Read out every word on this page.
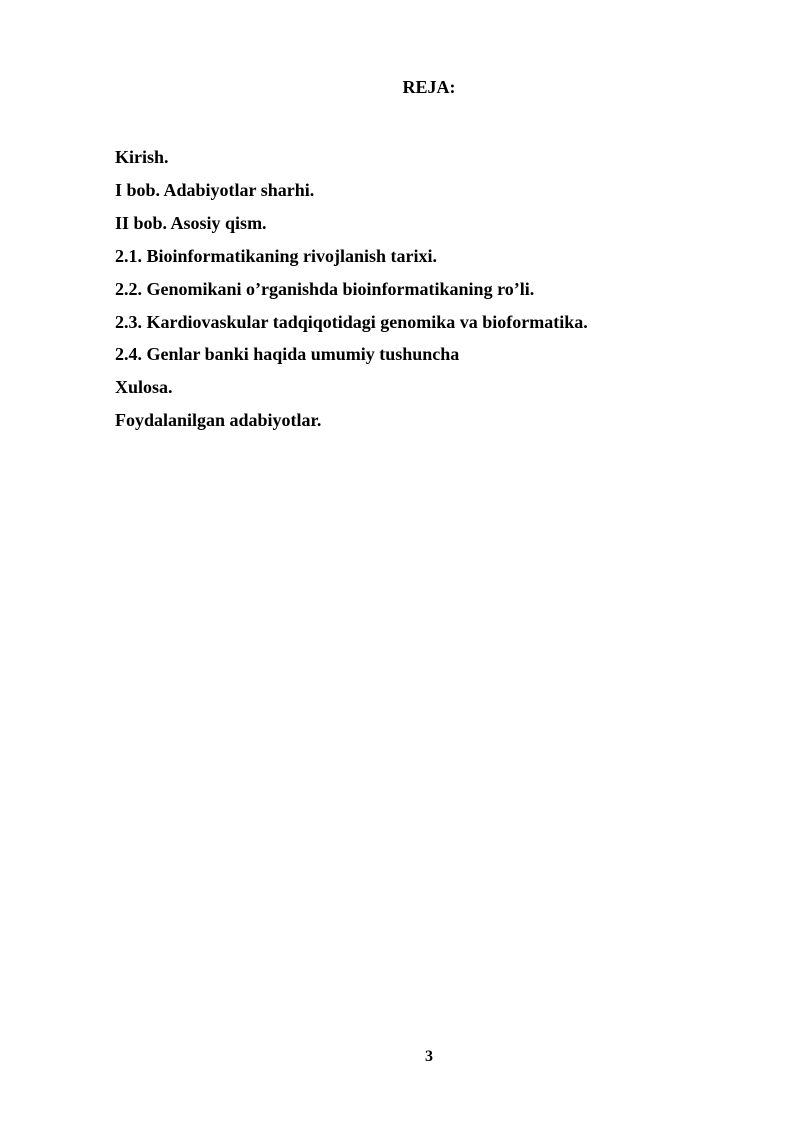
REJA:
Kirish.
I bob. Adabiyotlar sharhi.
II bob. Asosiy qism.
2.1. Bioinformatikaning rivojlanish tarixi.
2.2. Genomikani o’rganishda bioinformatikaning ro’li.
2.3. Kardiovaskular tadqiqotidagi genomika va bioformatika.
2.4. Genlar banki haqida umumiy tushuncha
Xulosa.
Foydalanilgan adabiyotlar.
3
